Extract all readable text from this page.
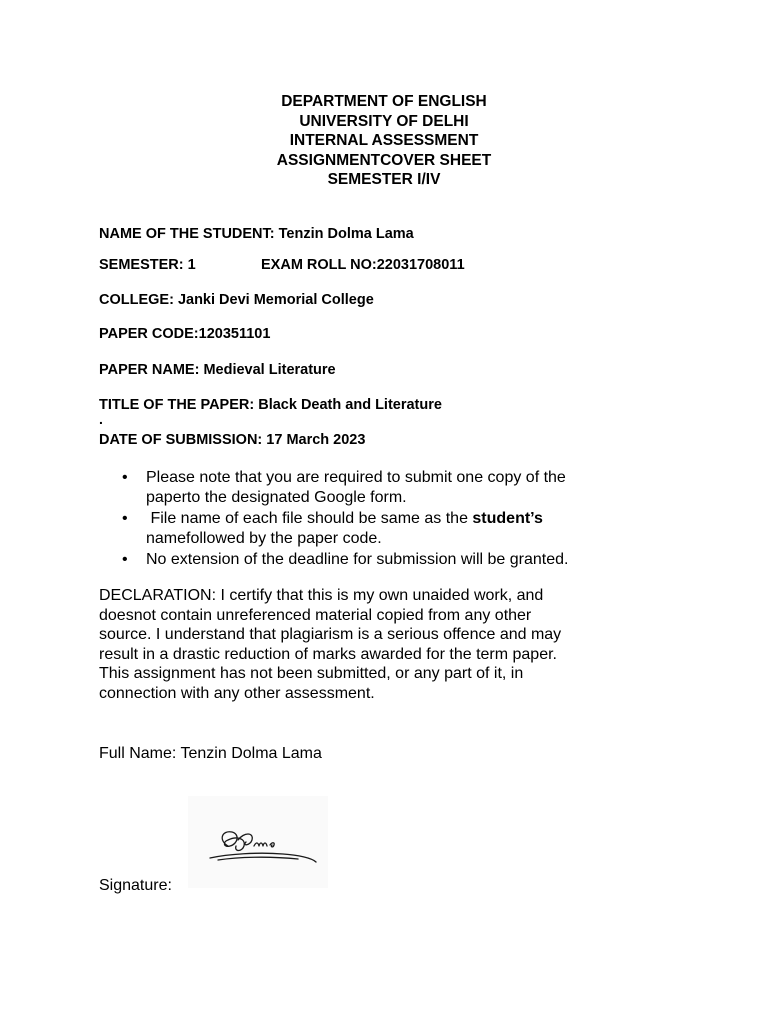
DEPARTMENT OF ENGLISH
UNIVERSITY OF DELHI
INTERNAL ASSESSMENT
ASSIGNMENTCOVER SHEET
SEMESTER I/IV
NAME OF THE STUDENT: Tenzin Dolma Lama
SEMESTER: 1	EXAM ROLL NO:22031708011
COLLEGE: Janki Devi Memorial College
PAPER CODE:120351101
PAPER NAME: Medieval Literature
TITLE OF THE PAPER: Black Death and Literature
.
DATE OF SUBMISSION: 17 March 2023
• Please note that you are required to submit one copy of the
paperto the designated Google form.
•  File name of each file should be same as the student’s
namefollowed by the paper code.
• No extension of the deadline for submission will be granted.
DECLARATION: I certify that this is my own unaided work, and
doesnot contain unreferenced material copied from any other
source. I understand that plagiarism is a serious offence and may
result in a drastic reduction of marks awarded for the term paper.
This assignment has not been submitted, or any part of it, in
connection with any other assessment.
Full Name: Tenzin Dolma Lama
Signature:
